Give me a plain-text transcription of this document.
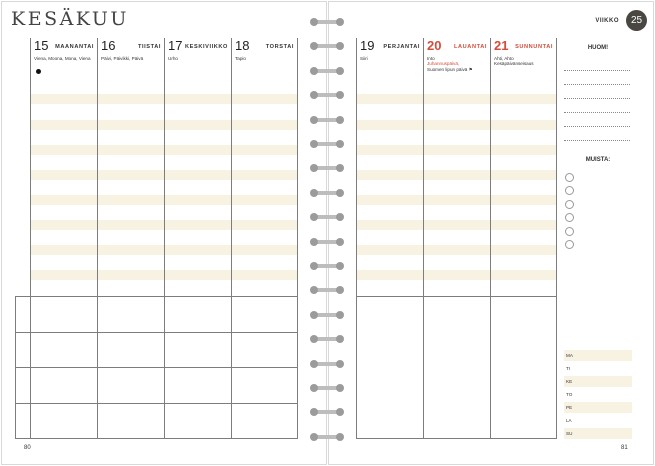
KESÄKUU	VIIKKO	25
15 MAANANTAI
Viena, Moona, Mona, Viena
16	TIISTAI
Päivi, Päivikki, Päivä
17 KESKIVIIKKO
Urho
18	TORSTAI
Tapio
19 PERJANTAI
Siiri
20 LAUANTAI
Into
Juhannuspäivä,
Suomen lipun päivä ⚑
21 SUNNUNTAI
Ahti, Ahto Kesäpäivänseisaus
HUOM!
MUISTA:
MA
TI
KE
TO
PE
LA
SU
80	81
